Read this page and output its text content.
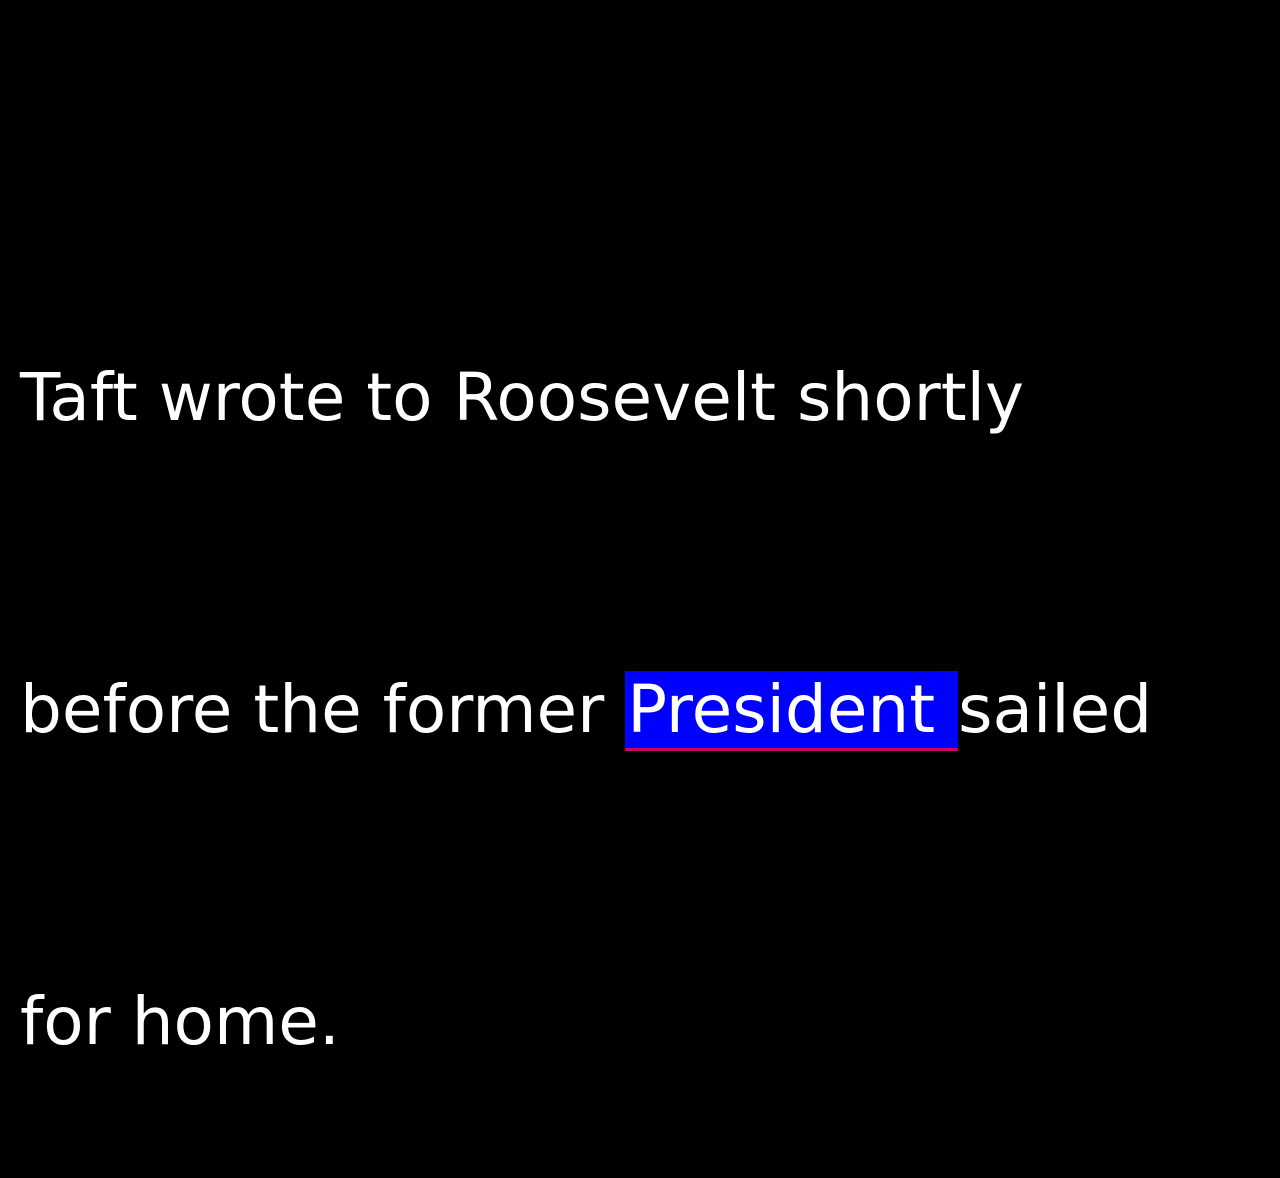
Taft wrote to Roosevelt shortly

before the former President sailed

for home.
